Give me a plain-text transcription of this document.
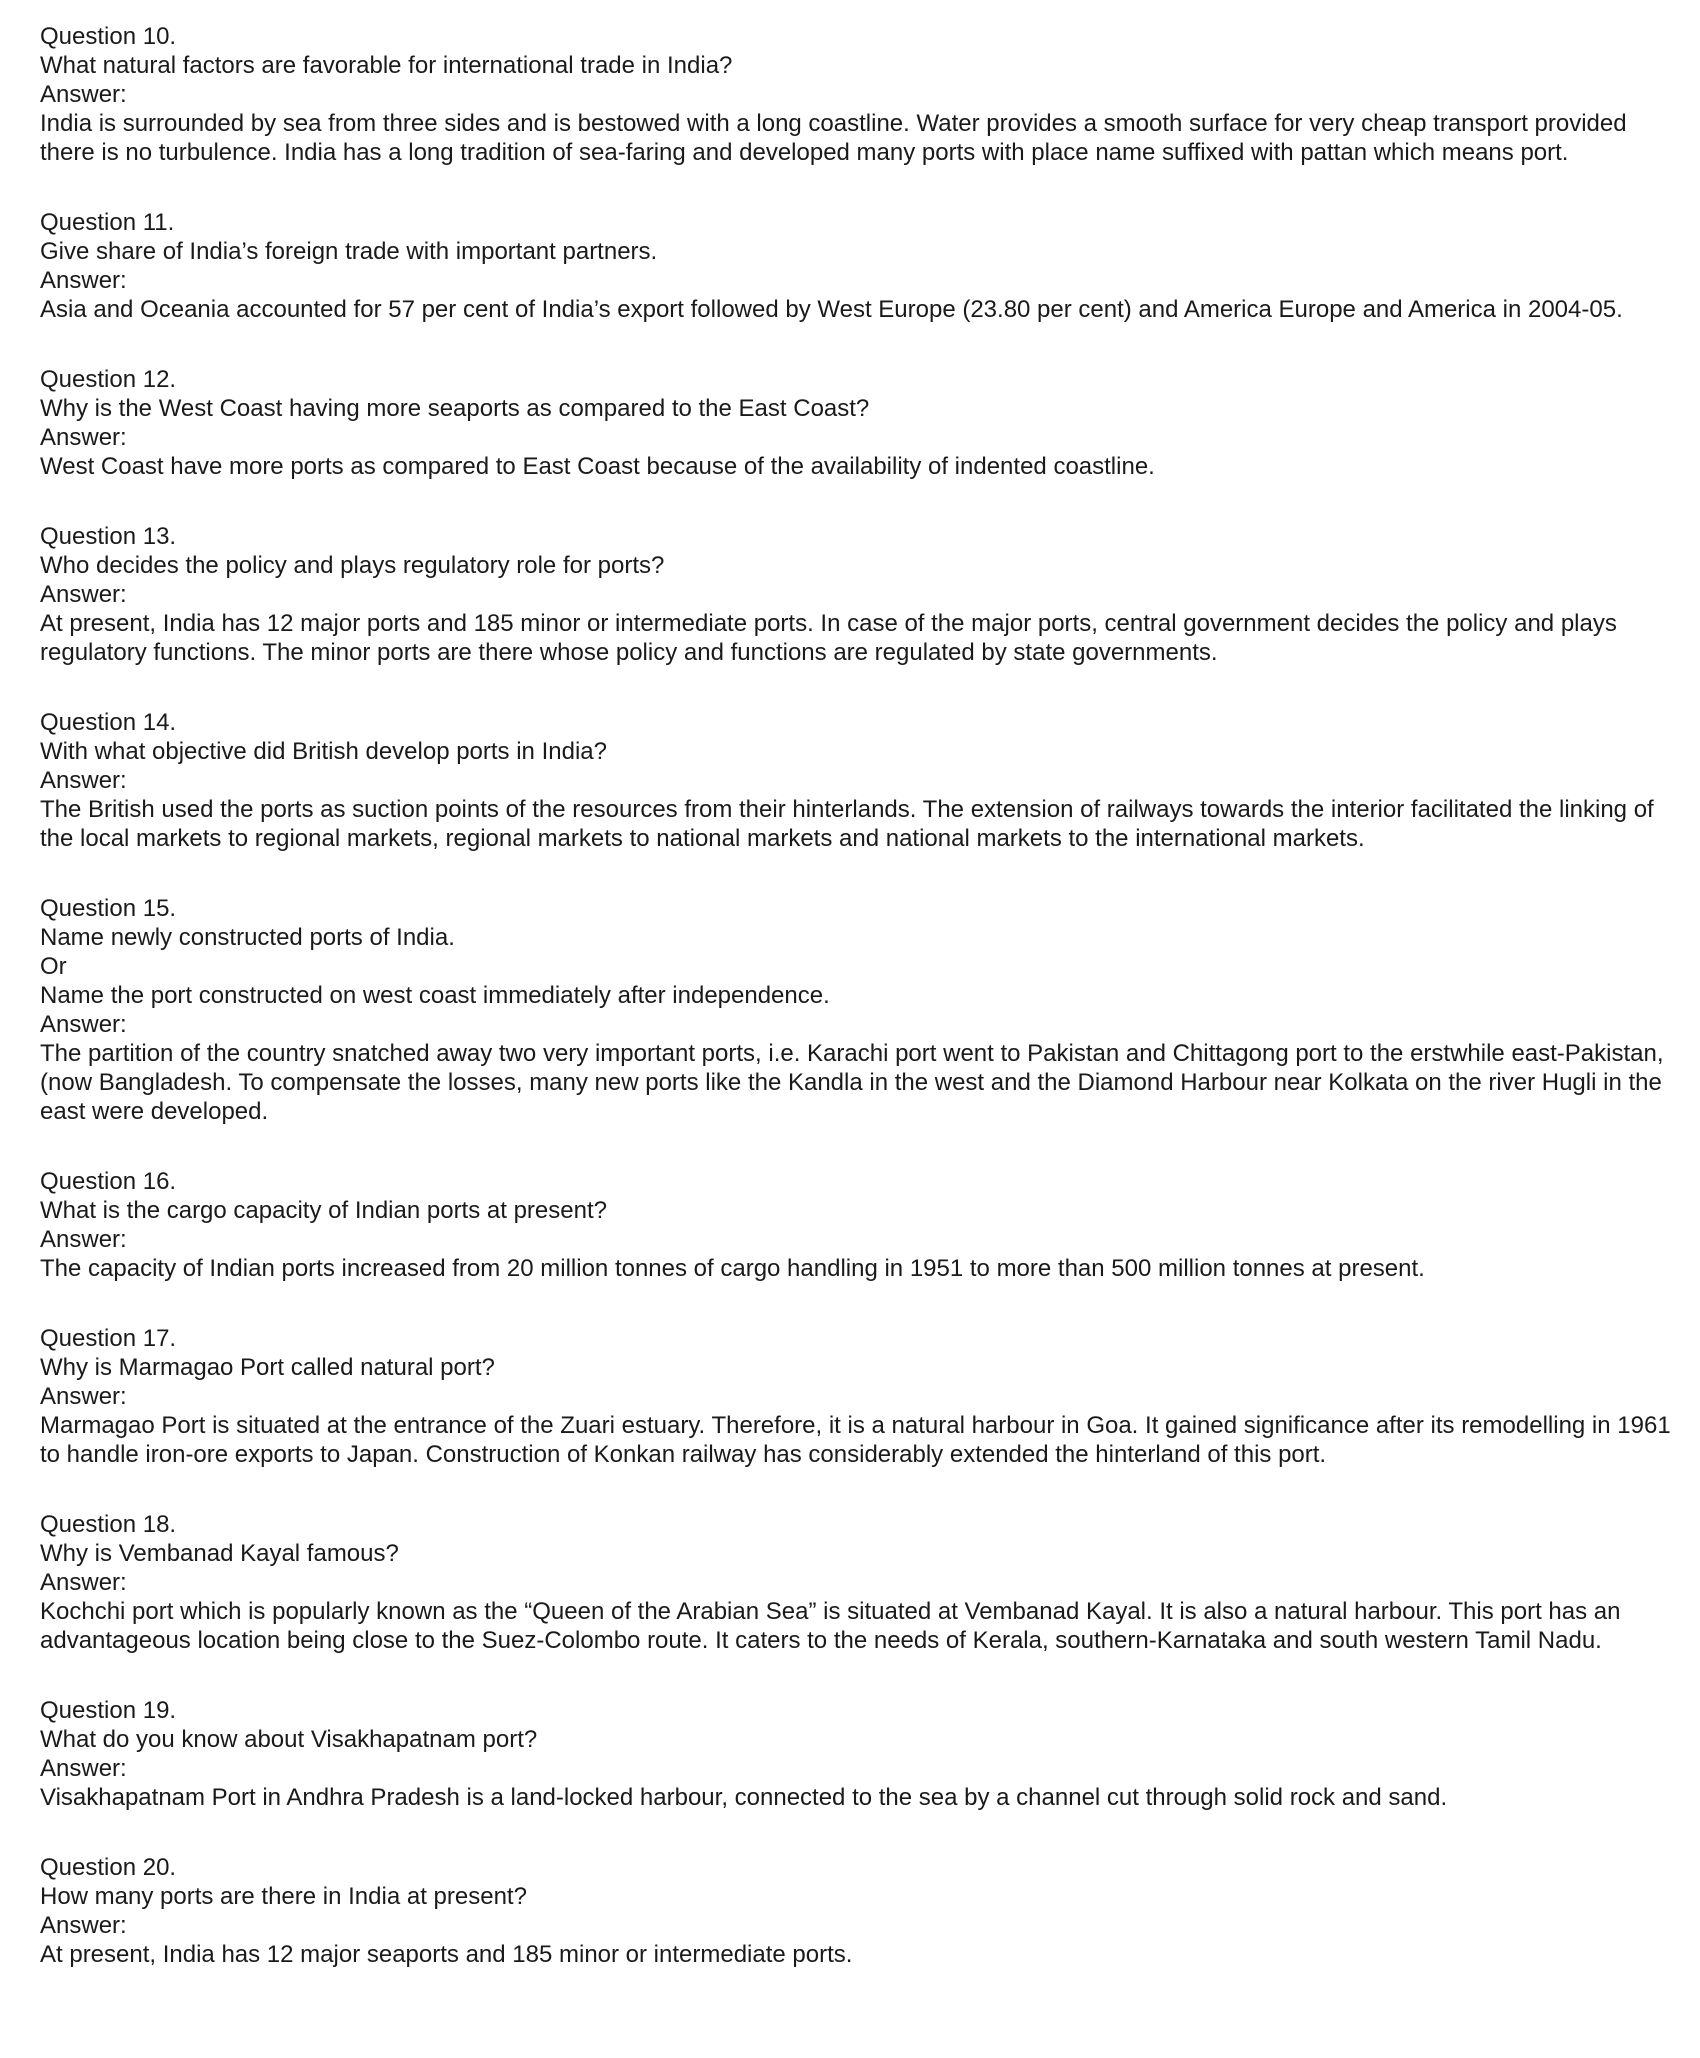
Question 10.

What natural factors are favorable for international trade in India?

Answer:

India is surrounded by sea from three sides and is bestowed with a long coastline. Water provides a smooth surface for very cheap transport provided there is no turbulence. India has a long tradition of sea-faring and developed many ports with place name suffixed with pattan which means port.

Question 11.

Give share of India’s foreign trade with important partners.

Answer:

Asia and Oceania accounted for 57 per cent of India’s export followed by West Europe (23.80 per cent) and America Europe and America in 2004-05.

Question 12.

Why is the West Coast having more seaports as compared to the East Coast?

Answer:

West Coast have more ports as compared to East Coast because of the availability of indented coastline.

Question 13.

Who decides the policy and plays regulatory role for ports?

Answer:

At present, India has 12 major ports and 185 minor or intermediate ports. In case of the major ports, central government decides the policy and plays regulatory functions. The minor ports are there whose policy and functions are regulated by state governments.

Question 14.

With what objective did British develop ports in India?

Answer:

The British used the ports as suction points of the resources from their hinterlands. The extension of railways towards the interior facilitated the linking of the local markets to regional markets, regional markets to national markets and national markets to the international markets.

Question 15.

Name newly constructed ports of India.

Or

Name the port constructed on west coast immediately after independence.

Answer:

The partition of the country snatched away two very important ports, i.e. Karachi port went to Pakistan and Chittagong port to the erstwhile east-Pakistan, (now Bangladesh. To compensate the losses, many new ports like the Kandla in the west and the Diamond Harbour near Kolkata on the river Hugli in the east were developed.

Question 16.

What is the cargo capacity of Indian ports at present?

Answer:

The capacity of Indian ports increased from 20 million tonnes of cargo handling in 1951 to more than 500 million tonnes at present.

Question 17.

Why is Marmagao Port called natural port?

Answer:

Marmagao Port is situated at the entrance of the Zuari estuary. Therefore, it is a natural harbour in Goa. It gained significance after its remodelling in 1961 to handle iron-ore exports to Japan. Construction of Konkan railway has considerably extended the hinterland of this port.

Question 18.

Why is Vembanad Kayal famous?

Answer:

Kochchi port which is popularly known as the “Queen of the Arabian Sea” is situated at Vembanad Kayal. It is also a natural harbour. This port has an advantageous location being close to the Suez-Colombo route. It caters to the needs of Kerala, southern-Karnataka and south western Tamil Nadu.

Question 19.

What do you know about Visakhapatnam port?

Answer:

Visakhapatnam Port in Andhra Pradesh is a land-locked harbour, connected to the sea by a channel cut through solid rock and sand.

Question 20.

How many ports are there in India at present?

Answer:

At present, India has 12 major seaports and 185 minor or intermediate ports.
